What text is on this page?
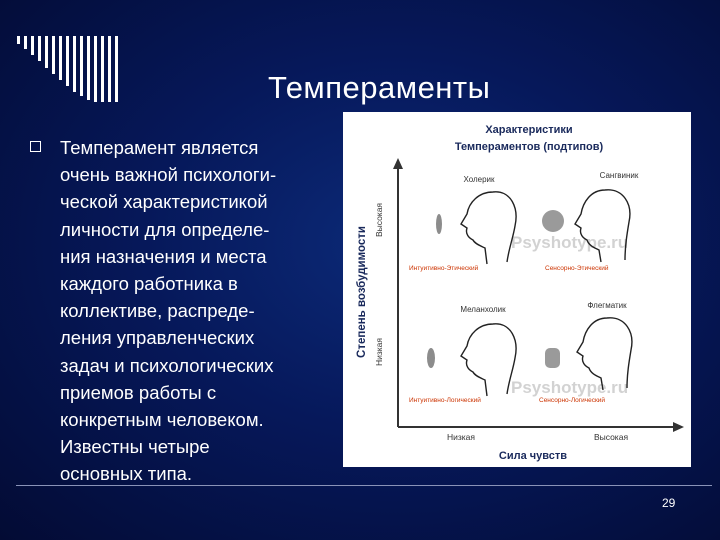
Темпераменты
Темперамент является
очень важной психологи-
ческой характеристикой
личности для определе-
ния назначения и места
каждого работника в
коллективе, распреде-
ления управленческих
задач и психологических
приемов работы с
конкретным человеком.
Известны четыре
основных типа.
Характеристики
Темпераментов (подтипов)
Степень возбудимости
Высокая
Низкая
Низкая	Высокая
Сила чувств
Psyshotype.ru
Psyshotype.ru
Холерик
Интуитивно-Этический
Сангвиник
Сенсорно-Этический
Меланхолик
Интуитивно-Логический
Флегматик
Сенсорно-Логический
29
